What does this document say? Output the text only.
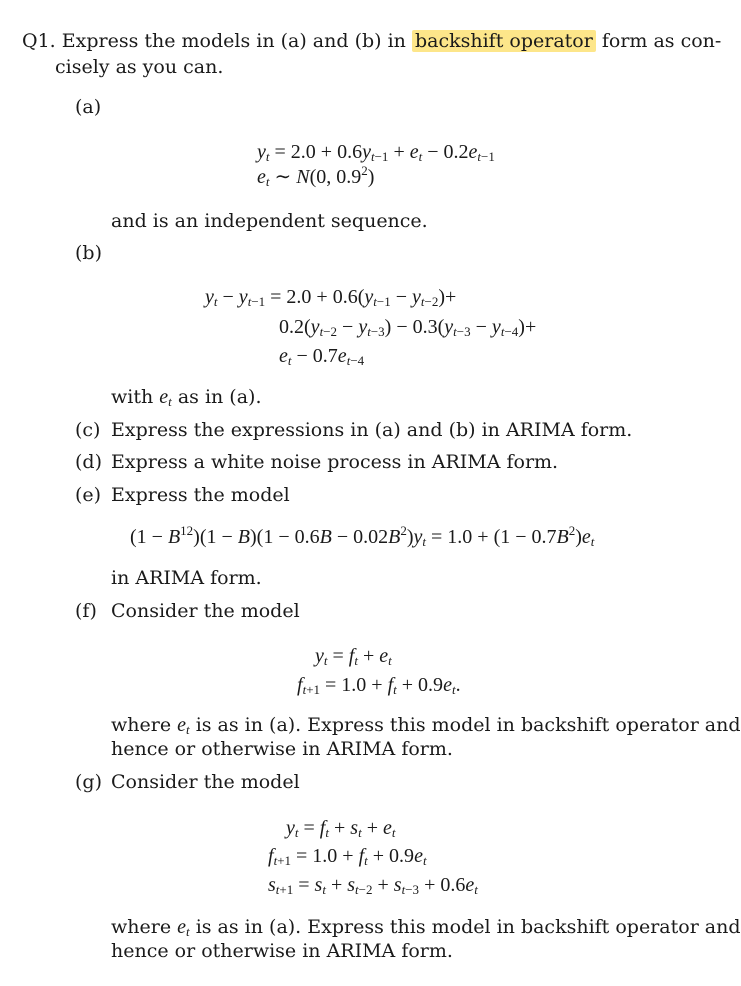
Q1. Express the models in (a) and (b) in backshift operator form as con-
cisely as you can.
(a)
$y_t = 2.0 + 0.6y_{t-1} + e_t - 0.2e_{t-1}$
$e_t$ ∼ N(0, $0.9^2$)
and is an independent sequence.
(b)
$y_t - y_{t-1} = 2.0 + 0.6(y_{t-1} - y_{t-2})+$
$0.2(y_{t-2} - y_{t-3}) - 0.3(y_{t-3} - y_{t-4})+$
$e_t - 0.7e_{t-4}$
with $e_t$ as in (a).
(c) Express the expressions in (a) and (b) in ARIMA form.
(d) Express a white noise process in ARIMA form.
(e) Express the model
$(1 - B^{12})(1 - B)(1 - 0.6B - 0.02B^2)y_t = 1.0 + (1 - 0.7B^2)e_t$
in ARIMA form.
(f) Consider the model
$y_t = f_t + e_t$
$f_{t+1} = 1.0 + f_t + 0.9e_t$.
where $e_t$ is as in (a). Express this model in backshift operator and
hence or otherwise in ARIMA form.
(g) Consider the model
$y_t = f_t + s_t + e_t$
$f_{t+1} = 1.0 + f_t + 0.9e_t$
$s_{t+1} = s_t + s_{t-2} + s_{t-3} + 0.6e_t$
where $e_t$ is as in (a). Express this model in backshift operator and
hence or otherwise in ARIMA form.
